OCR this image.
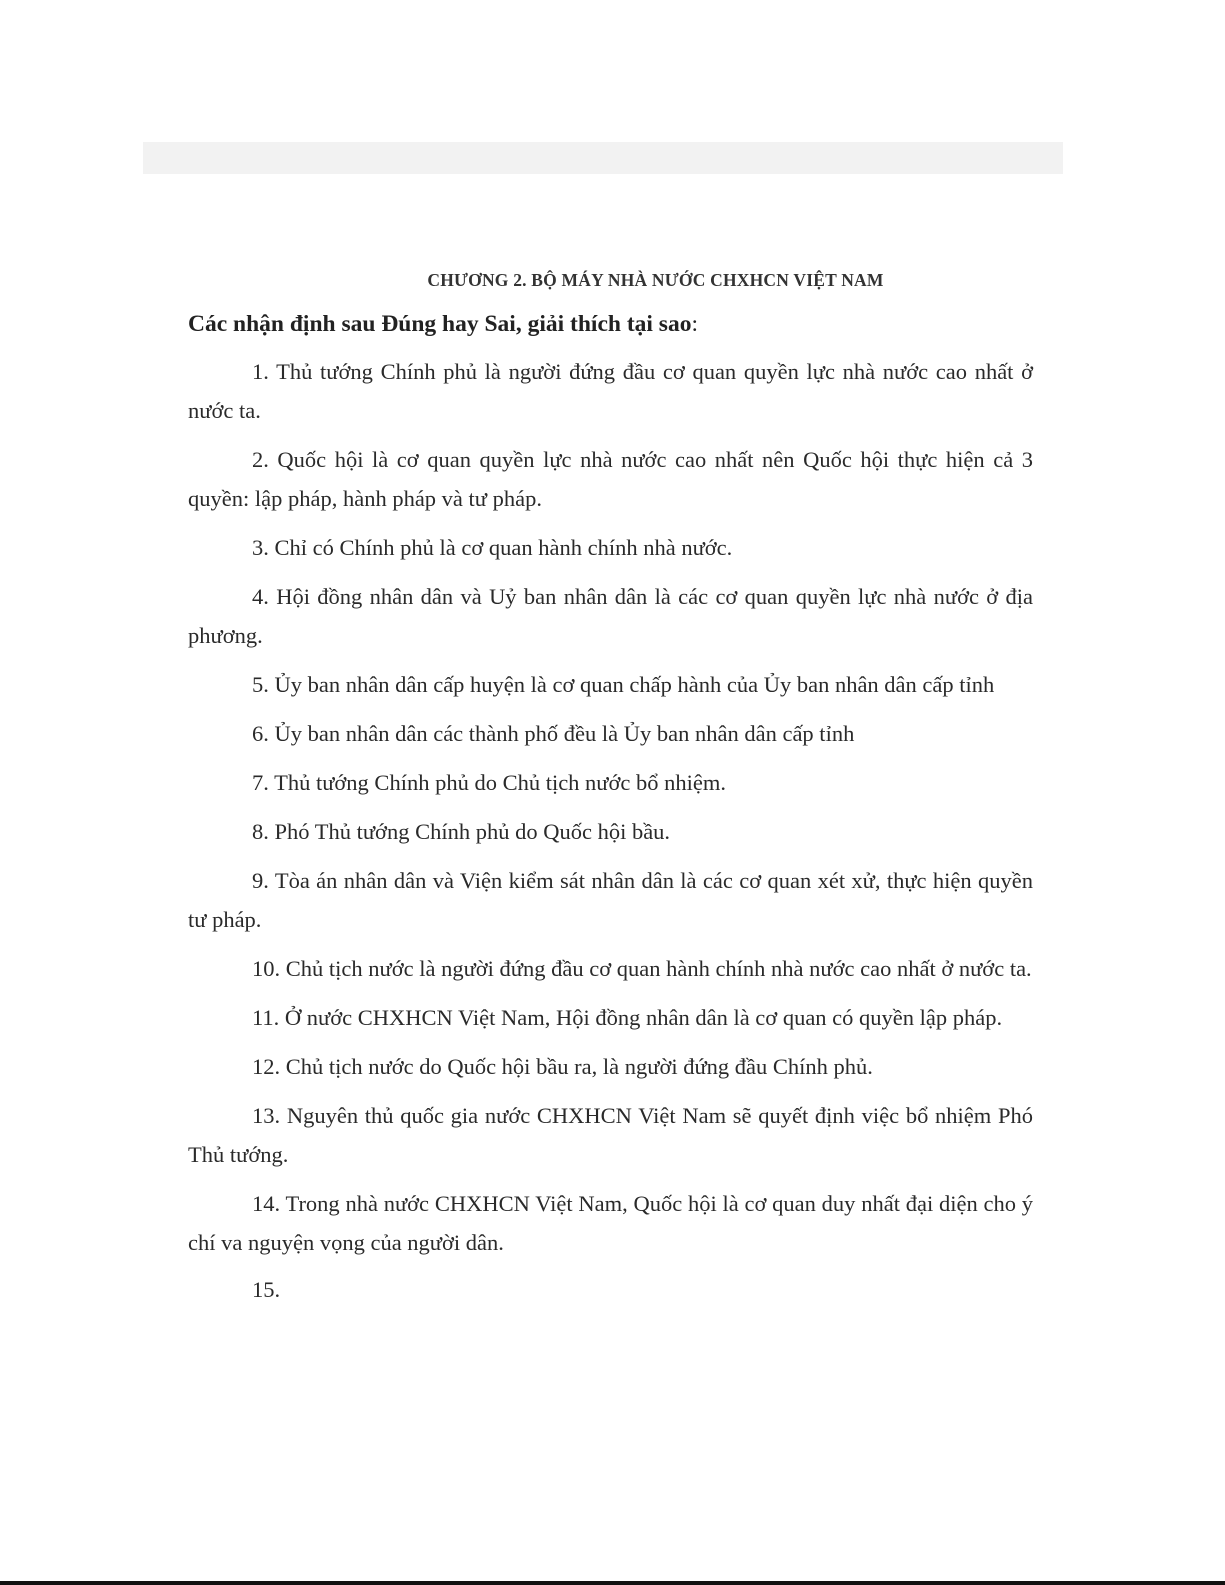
CHƯƠNG 2. BỘ MÁY NHÀ NƯỚC CHXHCN VIỆT NAM
Các nhận định sau Đúng hay Sai, giải thích tại sao:

1. Thủ tướng Chính phủ là người đứng đầu cơ quan quyền lực nhà nước cao nhất ở nước ta.

2. Quốc hội là cơ quan quyền lực nhà nước cao nhất nên Quốc hội thực hiện cả 3 quyền: lập pháp, hành pháp và tư pháp.

3. Chỉ có Chính phủ là cơ quan hành chính nhà nước.

4. Hội đồng nhân dân và Uỷ ban nhân dân là các cơ quan quyền lực nhà nước ở địa phương.

5. Ủy ban nhân dân cấp huyện là cơ quan chấp hành của Ủy ban nhân dân cấp tỉnh

6. Ủy ban nhân dân các thành phố đều là Ủy ban nhân dân cấp tỉnh

7. Thủ tướng Chính phủ do Chủ tịch nước bổ nhiệm.

8. Phó Thủ tướng Chính phủ do Quốc hội bầu.

9. Tòa án nhân dân và Viện kiểm sát nhân dân là các cơ quan xét xử, thực hiện quyền tư pháp.

10. Chủ tịch nước là người đứng đầu cơ quan hành chính nhà nước cao nhất ở nước ta.

11. Ở nước CHXHCN Việt Nam, Hội đồng nhân dân là cơ quan có quyền lập pháp.

12. Chủ tịch nước do Quốc hội bầu ra, là người đứng đầu Chính phủ.

13. Nguyên thủ quốc gia nước CHXHCN Việt Nam sẽ quyết định việc bổ nhiệm Phó Thủ tướng.

14. Trong nhà nước CHXHCN Việt Nam, Quốc hội là cơ quan duy nhất đại diện cho ý chí va nguyện vọng của người dân.

15.
